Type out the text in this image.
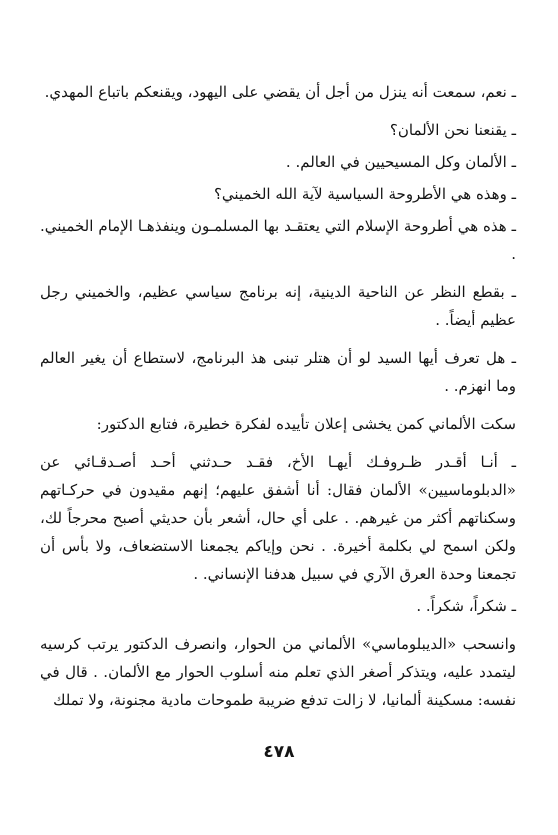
ـ نعم، سمعت أنه ينزل من أجل أن يقضي على اليهود، ويقنعكم باتباع المهدي.

ـ يقنعنا نحن الألمان؟

ـ الألمان وكل المسيحيين في العالم. .

ـ وهذه هي الأطروحة السياسية لآية الله الخميني؟

ـ هذه هي أطروحة الإسلام التي يعتقـد بها المسلمـون وينفذهـا الإمام الخميني. .

ـ بقطع النظر عن الناحية الدينية، إنه برنامج سياسي عظيم، والخميني رجل عظيم أيضاً. .

ـ هل تعرف أيها السيد لو أن هتلر تبنى هذ البرنامج، لاستطاع أن يغير العالم وما انهزم. .

سكت الألماني كمن يخشى إعلان تأييده لفكرة خطيرة، فتابع الدكتور:

ـ أنـا أقـدر ظـروفـك أيهـا الأخ، فقـد حـدثني أحـد أصـدقـائي عن «الدبلوماسيين» الألمان فقال: أنا أشفق عليهم؛ إنهم مقيدون في حركـاتهم وسكناتهم أكثر من غيرهم. . على أي حال، أشعر بأن حديثي أصبح محرجاً لك، ولكن اسمح لي بكلمة أخيرة. . نحن وإياكم يجمعنا الاستضعاف، ولا بأس أن تجمعنا وحدة العرق الآري في سبيل هدفنا الإنساني. .

ـ شكراً، شكراً. .

وانسحب «الديبلوماسي» الألماني من الحوار، وانصرف الدكتور يرتب كرسيه ليتمدد عليه، ويتذكر أصغر الذي تعلم منه أسلوب الحوار مع الألمان. . قال في نفسه: مسكينة ألمانيا، لا زالت تدفع ضريبة طموحات مادية مجنونة، ولا تملك

٤٧٨
